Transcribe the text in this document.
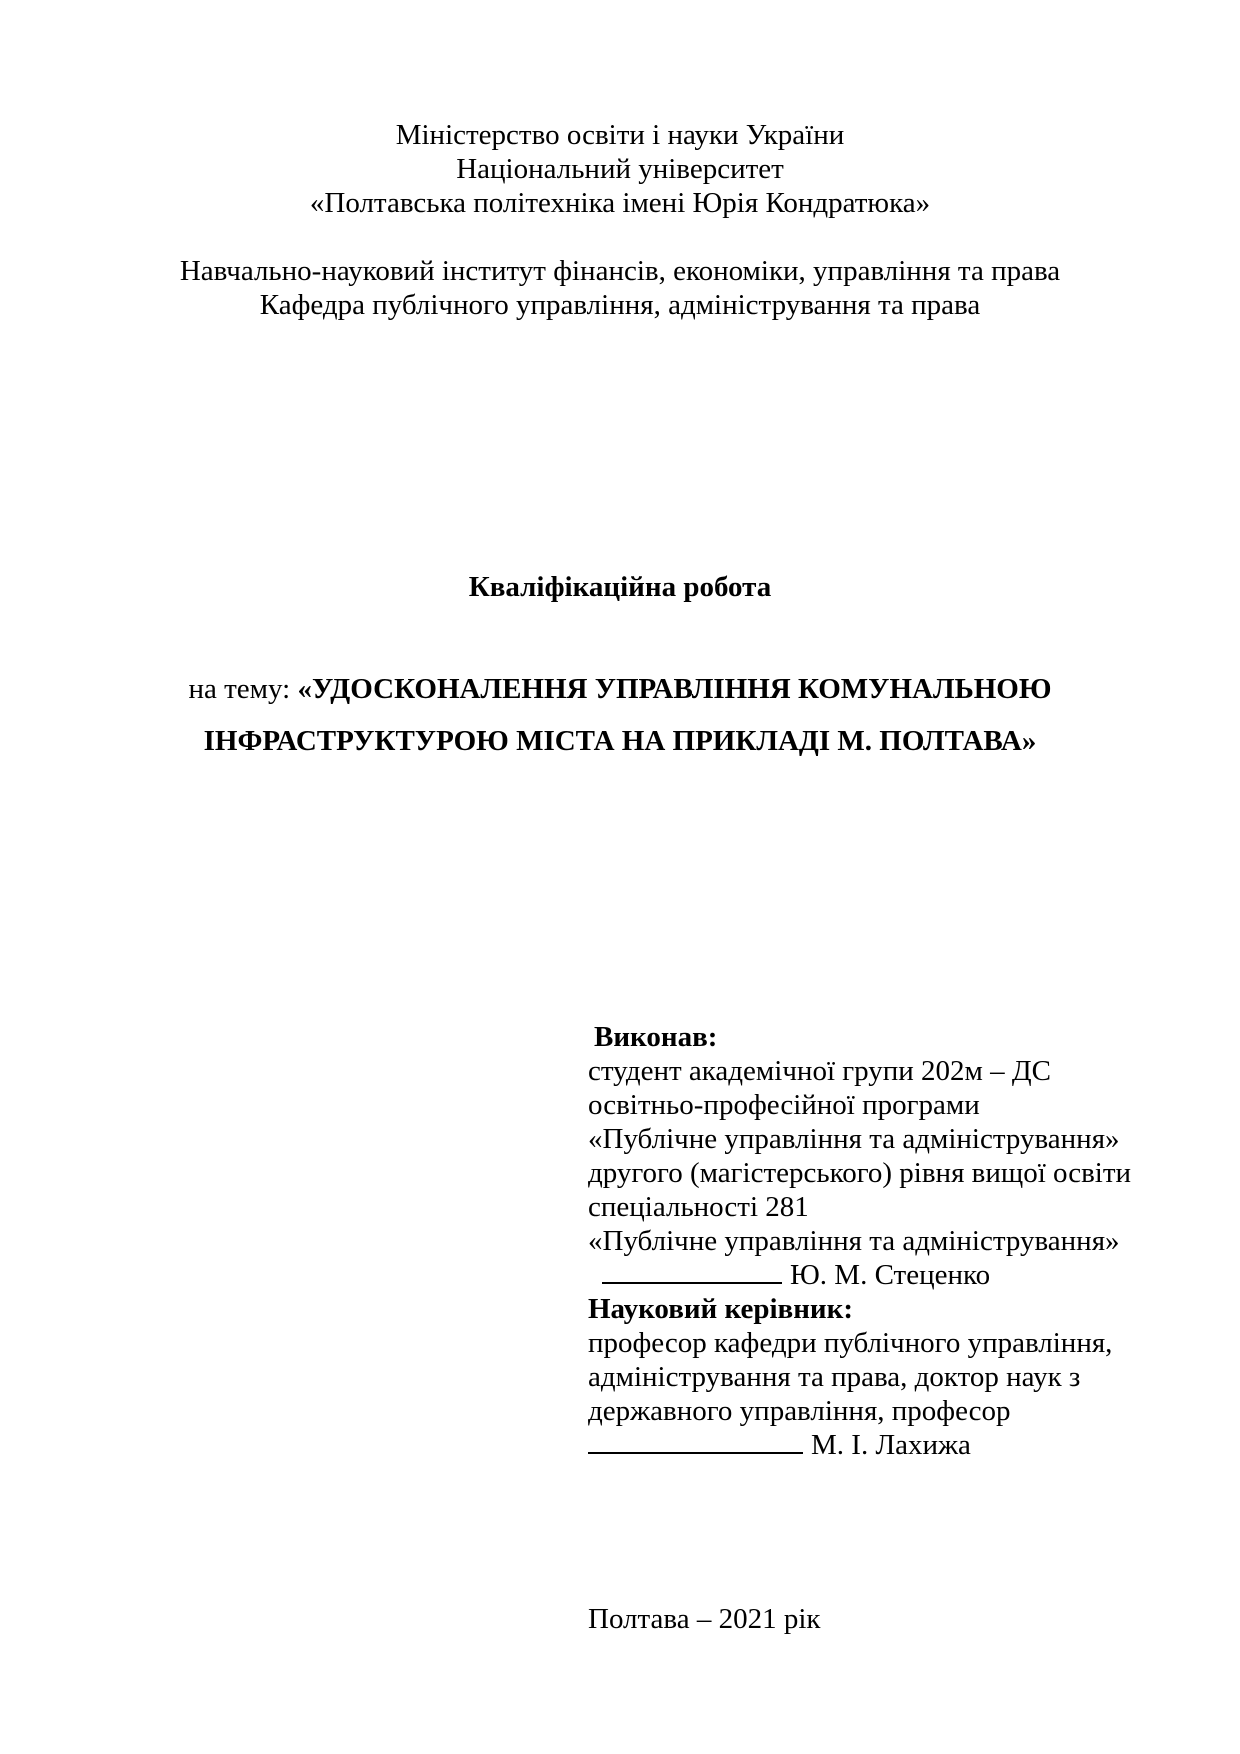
Міністерство освіти і науки України
Національний університет
«Полтавська політехніка імені Юрія Кондратюка»
Навчально-науковий інститут фінансів, економіки, управління та права
Кафедра публічного управління, адміністрування та права
Кваліфікаційна робота
на тему: «УДОСКОНАЛЕННЯ УПРАВЛІННЯ КОМУНАЛЬНОЮ
ІНФРАСТРУКТУРОЮ МІСТА НА ПРИКЛАДІ М. ПОЛТАВА»
Виконав:
студент академічної групи 202м – ДС
освітньо-професійної програми
«Публічне управління та адміністрування»
другого (магістерського) рівня вищої освіти
спеціальності 281
«Публічне управління та адміністрування»
Ю. М. Стеценко
Науковий керівник:
професор кафедри публічного управління,
адміністрування та права, доктор наук з
державного управління, професор
М. І. Лахижа
Полтава – 2021 рік
